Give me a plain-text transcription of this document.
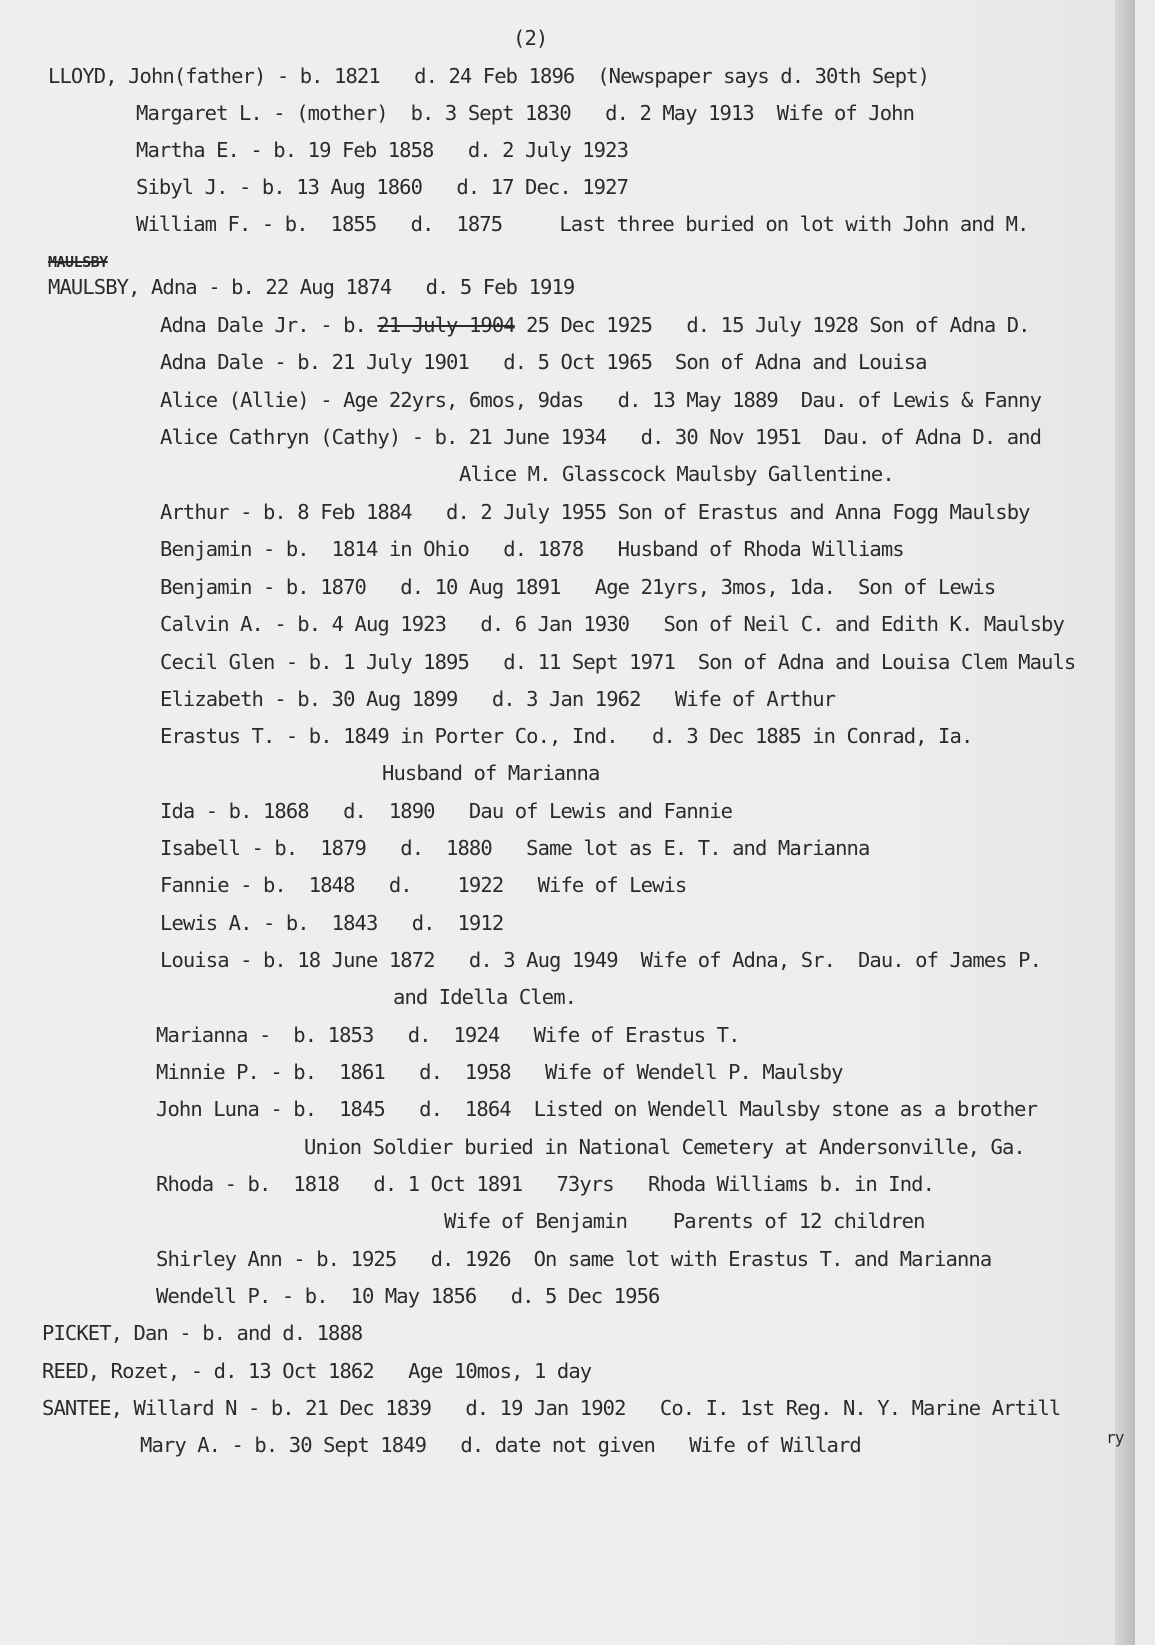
(2)
LLOYD, John(father) - b. 1821   d. 24 Feb 1896  (Newspaper says d. 30th Sept)
Margaret L. - (mother)  b. 3 Sept 1830   d. 2 May 1913  Wife of John
Martha E. - b. 19 Feb 1858   d. 2 July 1923
Sibyl J. - b. 13 Aug 1860   d. 17 Dec. 1927
William F. - b.  1855   d.  1875     Last three buried on lot with John and M.
MAULSBY
MAULSBY, Adna - b. 22 Aug 1874   d. 5 Feb 1919
Adna Dale Jr. - b. 21 July 1904 25 Dec 1925   d. 15 July 1928 Son of Adna D.
Adna Dale - b. 21 July 1901   d. 5 Oct 1965  Son of Adna and Louisa
Alice (Allie) - Age 22yrs, 6mos, 9das   d. 13 May 1889  Dau. of Lewis & Fanny
Alice Cathryn (Cathy) - b. 21 June 1934   d. 30 Nov 1951  Dau. of Adna D. and
Alice M. Glasscock Maulsby Gallentine.
Arthur - b. 8 Feb 1884   d. 2 July 1955 Son of Erastus and Anna Fogg Maulsby
Benjamin - b.  1814 in Ohio   d. 1878   Husband of Rhoda Williams
Benjamin - b. 1870   d. 10 Aug 1891   Age 21yrs, 3mos, 1da.  Son of Lewis
Calvin A. - b. 4 Aug 1923   d. 6 Jan 1930   Son of Neil C. and Edith K. Maulsby
Cecil Glen - b. 1 July 1895   d. 11 Sept 1971  Son of Adna and Louisa Clem Mauls
Elizabeth - b. 30 Aug 1899   d. 3 Jan 1962   Wife of Arthur
Erastus T. - b. 1849 in Porter Co., Ind.   d. 3 Dec 1885 in Conrad, Ia.
Husband of Marianna
Ida - b. 1868   d.  1890   Dau of Lewis and Fannie
Isabell - b.  1879   d.  1880   Same lot as E. T. and Marianna
Fannie - b.  1848   d.    1922   Wife of Lewis
Lewis A. - b.  1843   d.  1912
Louisa - b. 18 June 1872   d. 3 Aug 1949  Wife of Adna, Sr.  Dau. of James P.
and Idella Clem.
Marianna -  b. 1853   d.  1924   Wife of Erastus T.
Minnie P. - b.  1861   d.  1958   Wife of Wendell P. Maulsby
John Luna - b.  1845   d.  1864  Listed on Wendell Maulsby stone as a brother
Union Soldier buried in National Cemetery at Andersonville, Ga.
Rhoda - b.  1818   d. 1 Oct 1891   73yrs   Rhoda Williams b. in Ind.
Wife of Benjamin    Parents of 12 children
Shirley Ann - b. 1925   d. 1926  On same lot with Erastus T. and Marianna
Wendell P. - b.  10 May 1856   d. 5 Dec 1956
PICKET, Dan - b. and d. 1888
REED, Rozet, - d. 13 Oct 1862   Age 10mos, 1 day
SANTEE, Willard N - b. 21 Dec 1839   d. 19 Jan 1902   Co. I. 1st Reg. N. Y. Marine Artill
Mary A. - b. 30 Sept 1849   d. date not given   Wife of Willard	ry
